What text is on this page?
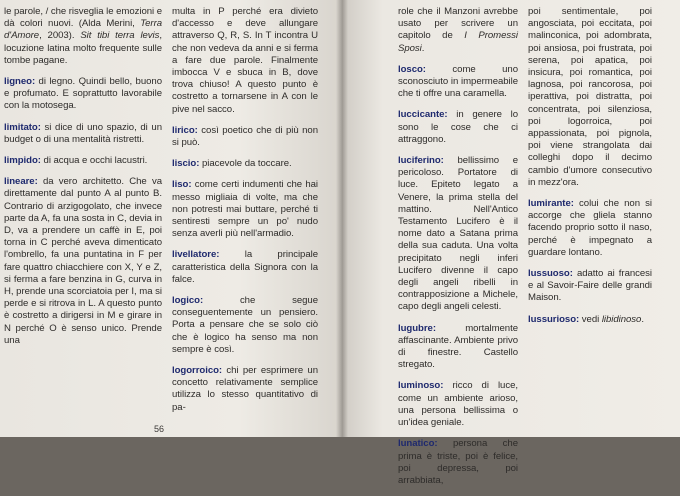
le parole, / che risveglia le emozioni e dà colori nuovi. (Alda Merini, Terra d'Amore, 2003). Sit tibi terra levis, locuzione latina molto frequente sulle tombe pagane.

ligneo: di legno. Quindi bello, buono e profumato. E soprattutto lavorabile con la motosega.

limitato: si dice di uno spazio, di un budget o di una mentalità ristretti.

limpido: di acqua e occhi lacustri.

lineare: da vero architetto. Che va direttamente dal punto A al punto B. Contrario di arzigogolato, che invece parte da A, fa una sosta in C, devia in D, va a prendere un caffè in E, poi torna in C perché aveva dimenticato l'ombrello, fa una puntatina in F per fare quattro chiacchiere con X, Y e Z, si ferma a fare benzina in G, curva in H, prende una scorciatoia per I, ma si perde e si ritrova in L. A questo punto è costretto a dirigersi in M e girare in N perché O è senso unico. Prende una

multa in P perché era divieto d'accesso e deve allungare attraverso Q, R, S. In T incontra U che non vedeva da anni e si ferma a fare due parole. Finalmente imbocca V e sbuca in B, dove trova chiuso! A questo punto è costretto a tornarsene in A con le pive nel sacco.

lirico: così poetico che di più non si può.

liscio: piacevole da toccare.

liso: come certi indumenti che hai messo migliaia di volte, ma che non potresti mai buttare, perché ti sentiresti sempre un po' nudo senza averli più nell'armadio.

livellatore:	la principale caratteristica della Signora con la falce.

logico:	che segue conseguentemente un pensiero. Porta a pensare che se solo ciò che è logico ha senso ma non sempre è così.

logorroico: chi per esprimere un concetto relativamente semplice utilizza lo stesso quantitativo di pa-

56

role che il Manzoni avrebbe usato per scrivere un capitolo de I Promessi Sposi.

losco:	come uno sconosciuto in impermeabile che ti offre una caramella.

luccicante: in genere lo sono le cose che ci attraggono.

luciferino: bellissimo e pericoloso. Portatore di luce. Epiteto legato a Venere, la prima stella del mattino. Nell'Antico Testamento Lucifero è il nome dato a Satana prima della sua caduta. Una volta precipitato negli inferi Lucifero divenne il capo degli angeli ribelli in contrapposizione a Michele, capo degli angeli celesti.

lugubre:	mortalmente affascinante. Ambiente privo di finestre. Castello stregato.

luminoso: ricco di luce, come un ambiente arioso, una persona bellissima o un'idea geniale.

lunatico: persona che prima è triste, poi è felice, poi depressa, poi arrabbiata,

poi sentimentale, poi angosciata, poi eccitata, poi malinconica, poi adombrata, poi ansiosa, poi frustrata, poi serena, poi apatica, poi insicura, poi romantica, poi lagnosa, poi rancorosa, poi iperattiva, poi distratta, poi concentrata, poi silenziosa, poi logorroica, poi appassionata, poi pignola, poi viene strangolata dai colleghi dopo il decimo cambio d'umore consecutivo in mezz'ora.

lumirante: colui che non si accorge che gliela stanno facendo proprio sotto il naso, perché è impegnato a guardare lontano.

lussuoso: adatto ai francesi e al Savoir-Faire delle grandi Maison.

lussurioso: vedi libidinoso.
